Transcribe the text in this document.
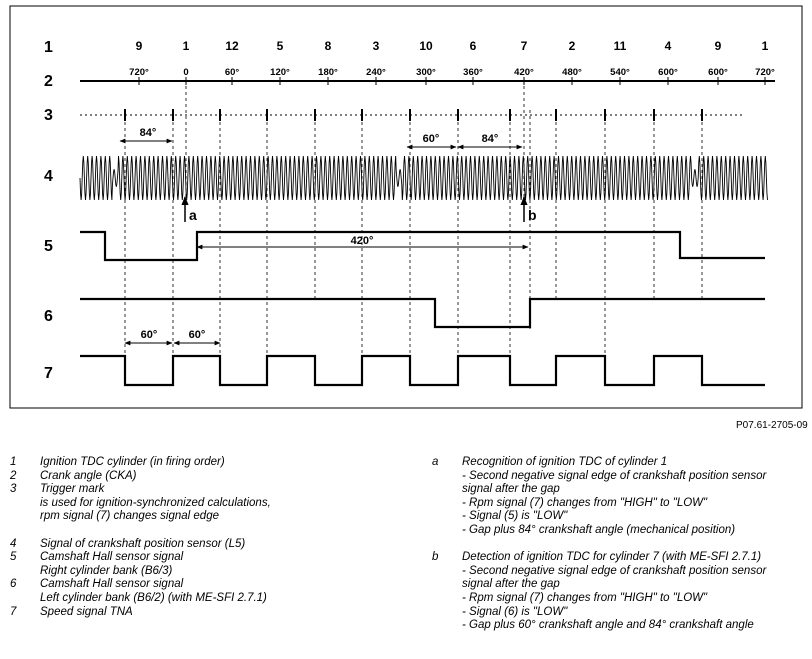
1
2
3
4
5
6
7
9	1	12	5	8	3	10	6	7	2	11	4	9	1
720°	0	60°	120°	180°	240°	300°	360°	420°	480°	540°	600°	600°	720°
84°	60°	84°
a	b
420°
60°	60°
P07.61-2705-09
1 Ignition TDC cylinder (in firing order)
2 Crank angle (CKA)
3 Trigger mark
is used for ignition-synchronized calculations,
rpm signal (7) changes signal edge
4 Signal of crankshaft position sensor (L5)
5 Camshaft Hall sensor signal
Right cylinder bank (B6/3)
6 Camshaft Hall sensor signal
Left cylinder bank (B6/2) (with ME-SFI 2.7.1)
7 Speed signal TNA
a Recognition of ignition TDC of cylinder 1
- Second negative signal edge of crankshaft position sensor
signal after the gap
- Rpm signal (7) changes from "HIGH" to "LOW"
- Signal (5) is "LOW"
- Gap plus 84° crankshaft angle (mechanical position)
b Detection of ignition TDC for cylinder 7 (with ME-SFI 2.7.1)
- Second negative signal edge of crankshaft position sensor
signal after the gap
- Rpm signal (7) changes from "HIGH" to "LOW"
- Signal (6) is "LOW"
- Gap plus 60° crankshaft angle and 84° crankshaft angle
